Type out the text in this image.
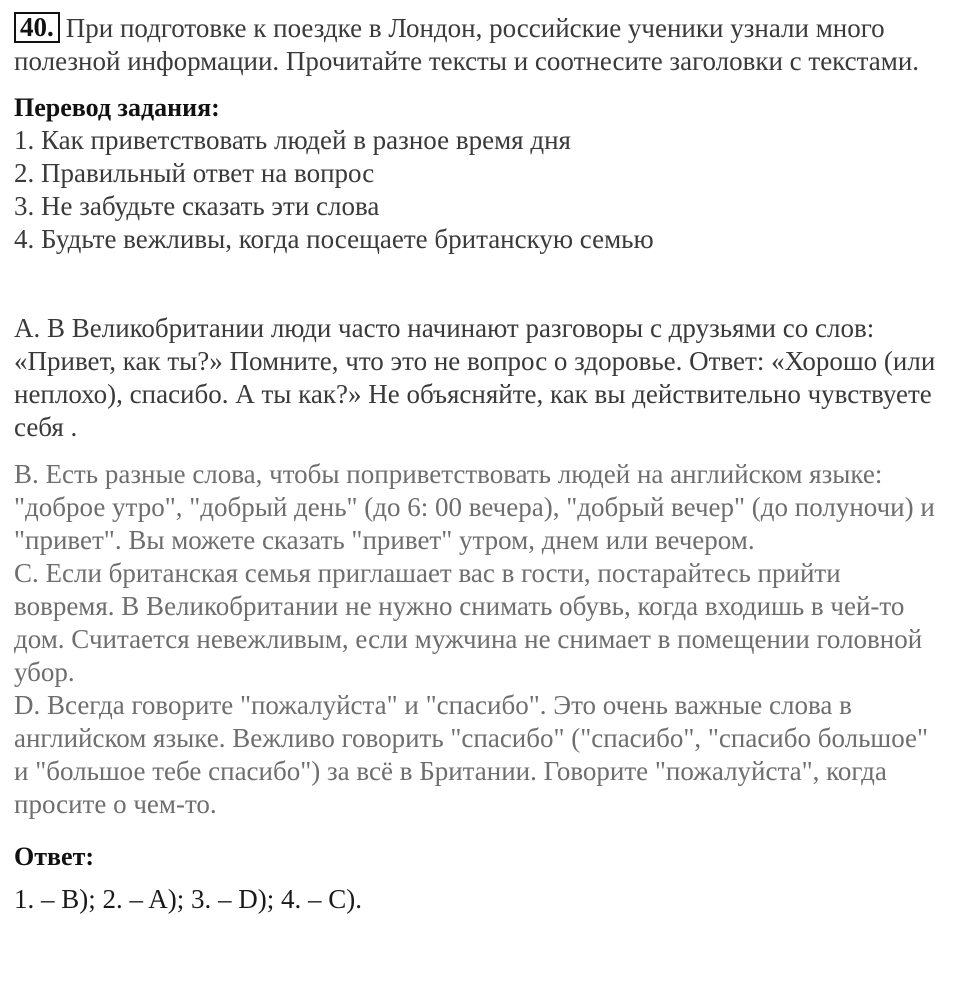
40. При подготовке к поездке в Лондон, российские ученики узнали много полезной информации. Прочитайте тексты и соотнесите заголовки с текстами.

Перевод задания:

1. Как приветствовать людей в разное время дня
2. Правильный ответ на вопрос
3. Не забудьте сказать эти слова
4. Будьте вежливы, когда посещаете британскую семью

A. В Великобритании люди часто начинают разговоры с друзьями со слов: «Привет, как ты?» Помните, что это не вопрос о здоровье. Ответ: «Хорошо (или неплохо), спасибо. А ты как?» Не объясняйте, как вы действительно чувствуете себя .

B. Есть разные слова, чтобы поприветствовать людей на английском языке: "доброе утро", "добрый день" (до 6: 00 вечера), "добрый вечер" (до полуночи) и "привет". Вы можете сказать "привет" утром, днем или вечером.

C. Если британская семья приглашает вас в гости, постарайтесь прийти вовремя. В Великобритании не нужно снимать обувь, когда входишь в чей-то дом. Считается невежливым, если мужчина не снимает в помещении головной убор.

D. Всегда говорите "пожалуйста" и "спасибо". Это очень важные слова в английском языке. Вежливо говорить "спасибо" ("спасибо", "спасибо большое" и "большое тебе спасибо") за всё в Британии. Говорите "пожалуйста", когда просите о чем-то.

Ответ:

1. – B); 2. – A); 3. – D); 4. – C).
